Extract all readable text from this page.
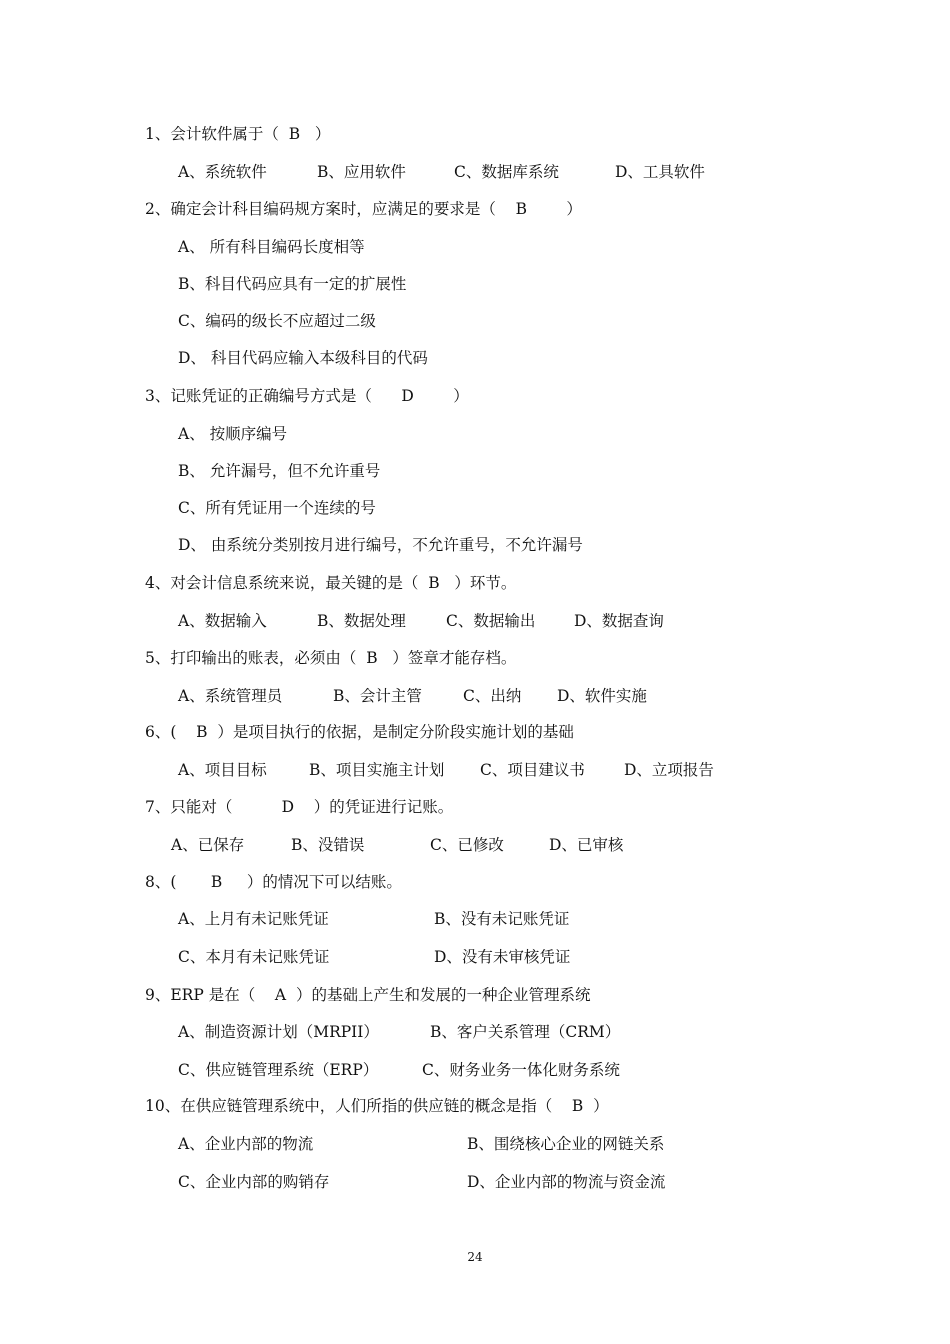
1、会计软件属于（  B   ）
A、系统软件	B、应用软件	C、数据库系统	D、工具软件
2、确定会计科目编码规方案时，应满足的要求是（    B        ）
A、 所有科目编码长度相等
B、科目代码应具有一定的扩展性
C、编码的级长不应超过二级
D、 科目代码应输入本级科目的代码
3、记账凭证的正确编号方式是（      D        ）
A、 按顺序编号
B、 允许漏号，但不允许重号
C、所有凭证用一个连续的号
D、 由系统分类别按月进行编号，不允许重号，不允许漏号
4、对会计信息系统来说，最关键的是（  B   ）环节。
A、数据输入	B、数据处理	C、数据输出 D、数据查询
5、打印输出的账表，必须由（  B   ）签章才能存档。
A、系统管理员	B、会计主管	C、出纳 D、软件实施
6、(    B  ）是项目执行的依据，是制定分阶段实施计划的基础
A、项目目标	B、项目实施主计划 C、项目建议书	D、立项报告
7、只能对（          D    ）的凭证进行记账。
A、已保存	B、没错误	C、已修改	D、已审核
8、(       B     ）的情况下可以结账。
A、上月有未记账凭证	B、没有未记账凭证
C、本月有未记账凭证	D、没有未审核凭证
9、ERP 是在（    A  ）的基础上产生和发展的一种企业管理系统
A、制造资源计划（MRPII）	B、客户关系管理（CRM）
C、供应链管理系统（ERP）	C、财务业务一体化财务系统
10、在供应链管理系统中，人们所指的供应链的概念是指（    B  ）
A、企业内部的物流	B、围绕核心企业的网链关系
C、企业内部的购销存	D、企业内部的物流与资金流
24
